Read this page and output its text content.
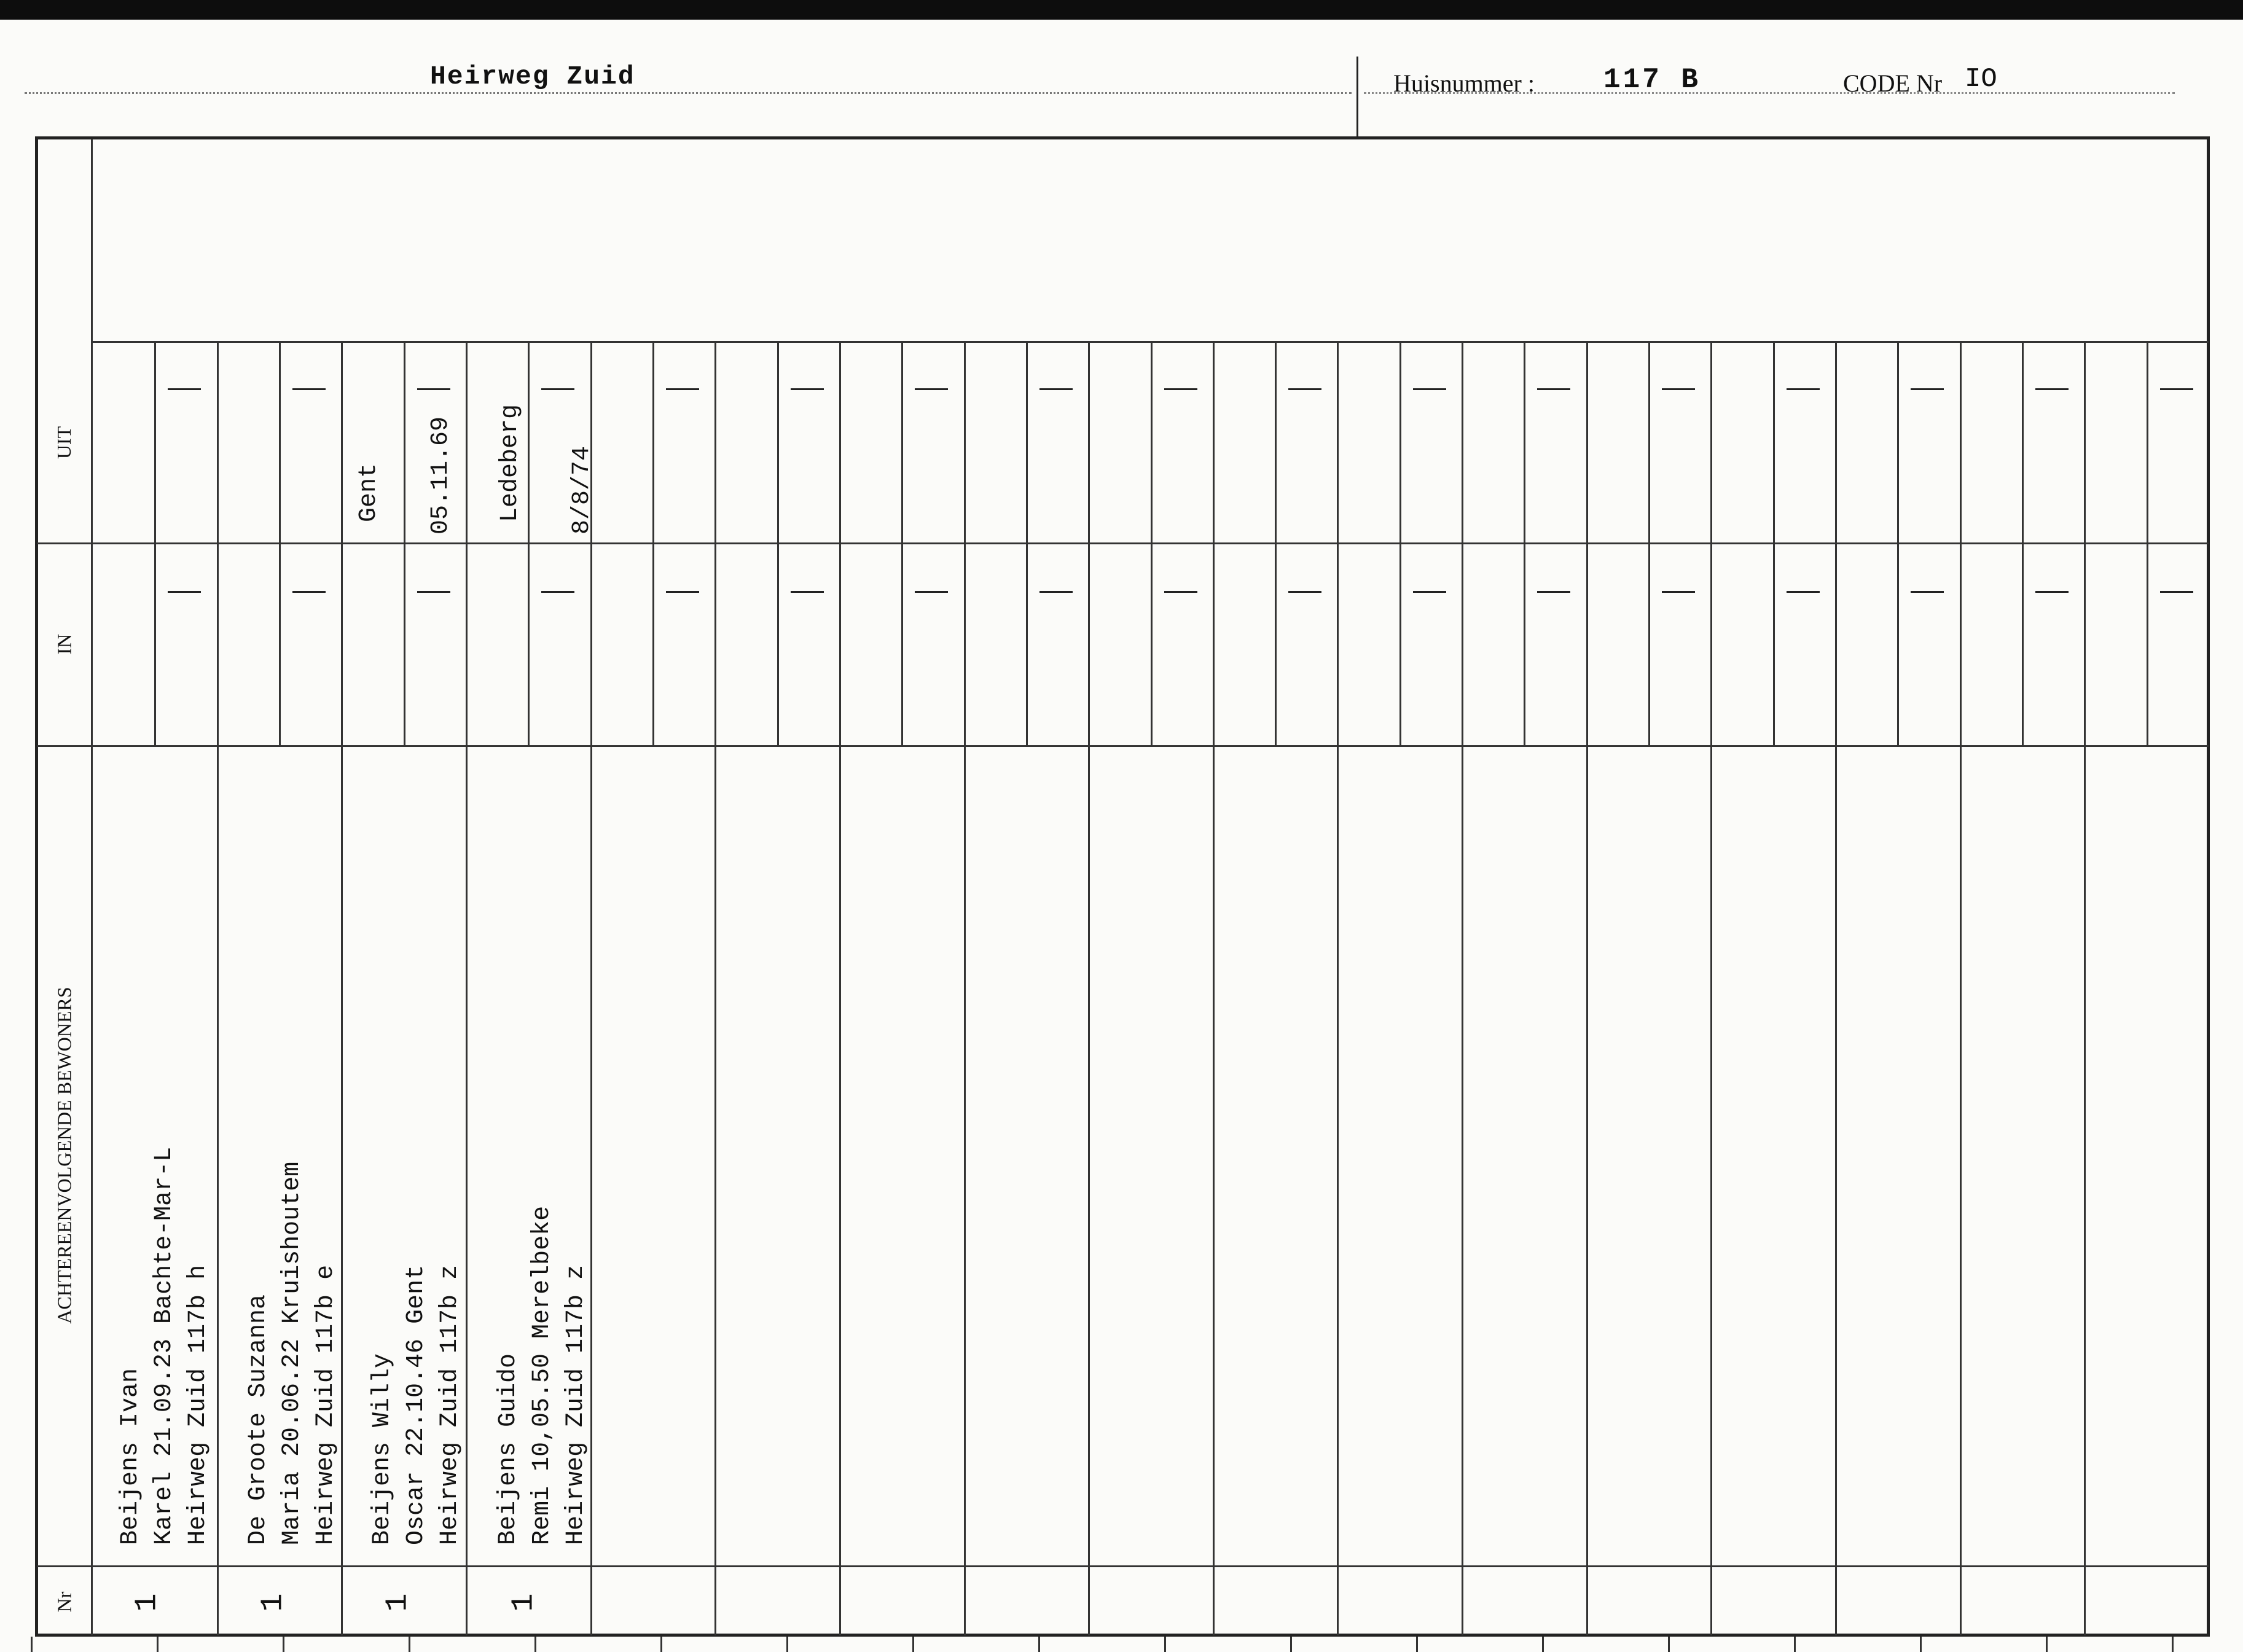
Heirweg Zuid	Huisnummer : 117 B	CODE Nr IO
UIT
IN
ACHTEREENVOLGENDE BEWONERS
Nr
Beijens Ivan Karel 21.09.23 Bachte-Mar-L Heirweg Zuid 117b h
1
De Groote Suzanna Maria 20.06.22 Kruishoutem Heirweg Zuid 117b e
1
Beijens Willy Oscar 22.10.46 Gent Heirweg Zuid 117b z
1
Gent 05.11.69
Beijens Guido Remi 10,05.50 Merelbeke Heirweg Zuid 117b z
1
Ledeberg 8/8/74
